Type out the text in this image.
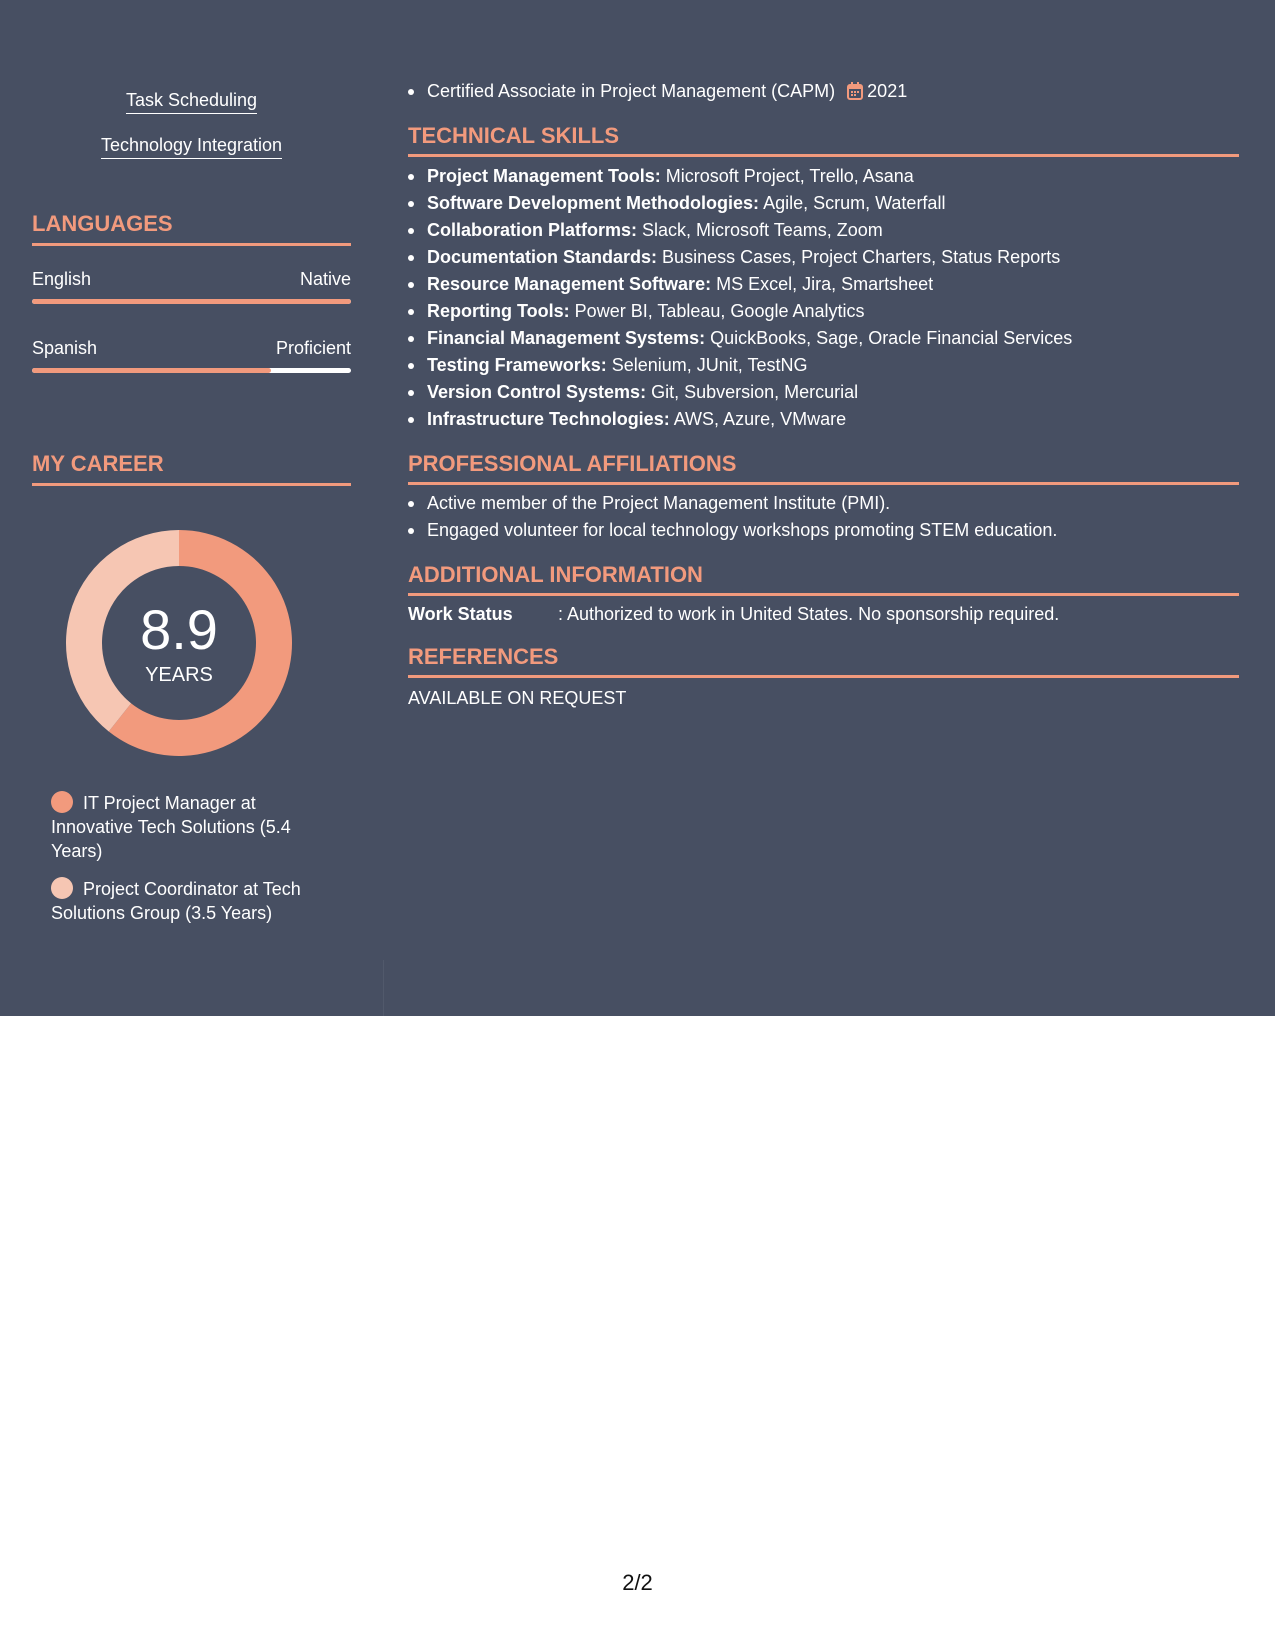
Task Scheduling
Technology Integration
LANGUAGES
English	Native
Spanish	Proficient
MY CAREER
8.9
YEARS
IT Project Manager at Innovative Tech Solutions (5.4 Years)
Project Coordinator at Tech Solutions Group (3.5 Years)
Certified Associate in Project Management (CAPM) 2021
TECHNICAL SKILLS
Project Management Tools: Microsoft Project, Trello, Asana
Software Development Methodologies: Agile, Scrum, Waterfall
Collaboration Platforms: Slack, Microsoft Teams, Zoom
Documentation Standards: Business Cases, Project Charters, Status Reports
Resource Management Software: MS Excel, Jira, Smartsheet
Reporting Tools: Power BI, Tableau, Google Analytics
Financial Management Systems: QuickBooks, Sage, Oracle Financial Services
Testing Frameworks: Selenium, JUnit, TestNG
Version Control Systems: Git, Subversion, Mercurial
Infrastructure Technologies: AWS, Azure, VMware
PROFESSIONAL AFFILIATIONS
Active member of the Project Management Institute (PMI).
Engaged volunteer for local technology workshops promoting STEM education.
ADDITIONAL INFORMATION
Work Status	: Authorized to work in United States. No sponsorship required.
REFERENCES
AVAILABLE ON REQUEST
2/2
